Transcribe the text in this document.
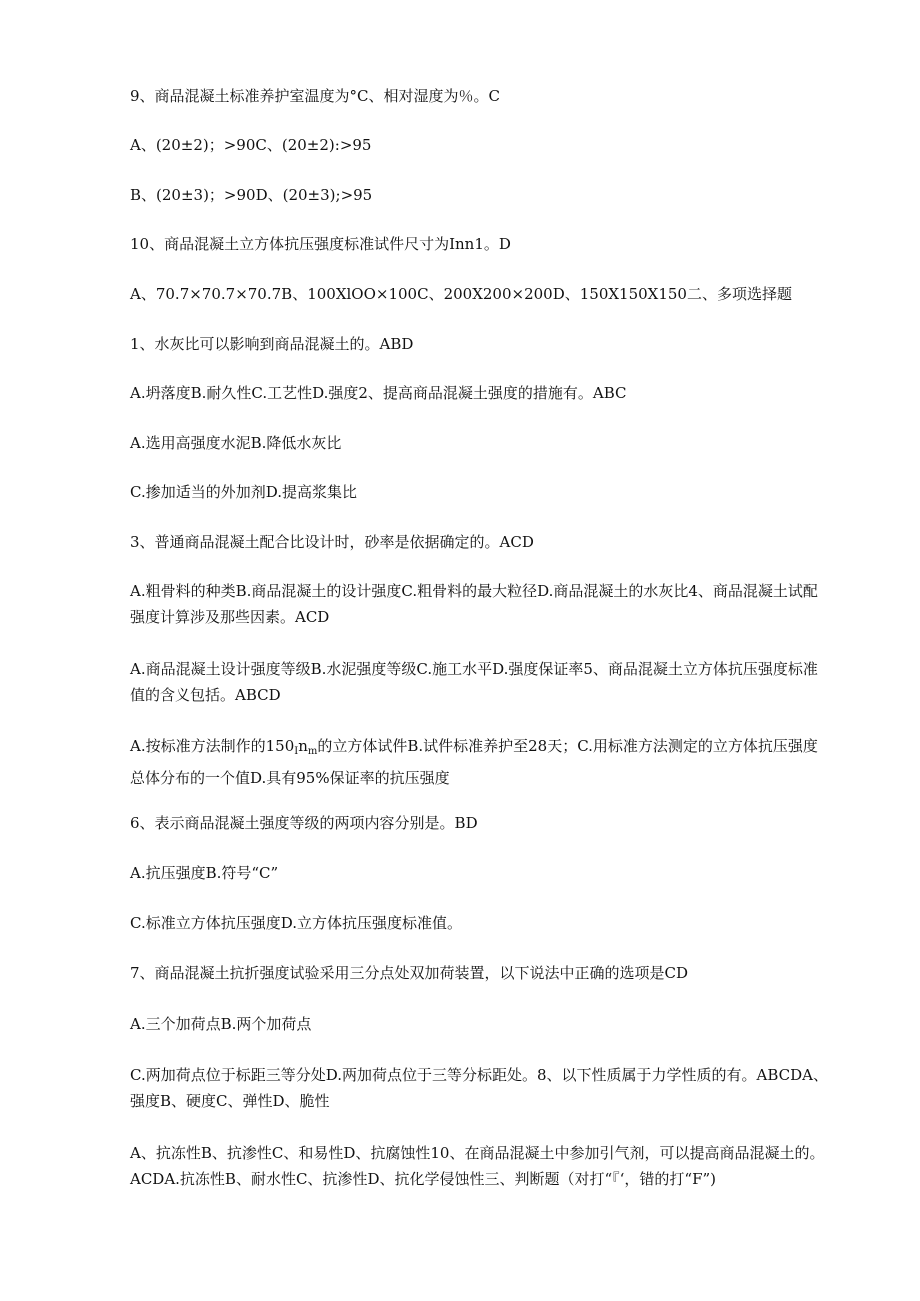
9、商品混凝土标准养护室温度为°C、相对湿度为％。C
A、(20±2)；>90C、(20±2):>95
B、(20±3)；>90D、(20±3);>95
10、商品混凝土立方体抗压强度标准试件尺寸为Inn1。D
A、70.7×70.7×70.7B、100XlOO×100C、200X200×200D、150X150X150二、多项选择题
1、水灰比可以影响到商品混凝土的。ABD
A.坍落度B.耐久性C.工艺性D.强度2、提高商品混凝土强度的措施有。ABC
A.选用高强度水泥B.降低水灰比
C.掺加适当的外加剂D.提高浆集比
3、普通商品混凝土配合比设计时，砂率是依据确定的。ACD
A.粗骨料的种类B.商品混凝土的设计强度C.粗骨料的最大粒径D.商品混凝土的水灰比4、商品混凝土试配强度计算涉及那些因素。ACD
A.商品混凝土设计强度等级B.水泥强度等级C.施工水平D.强度保证率5、商品混凝土立方体抗压强度标准值的含义包括。ABCD
A.按标准方法制作的$150_In_m$的立方体试件B.试件标准养护至28天；C.用标准方法测定的立方体抗压强度总体分布的一个值D.具有95%保证率的抗压强度
6、表示商品混凝土强度等级的两项内容分别是。BD
A.抗压强度B.符号“C”
C.标准立方体抗压强度D.立方体抗压强度标准值。
7、商品混凝土抗折强度试验采用三分点处双加荷装置，以下说法中正确的选项是CD
A.三个加荷点B.两个加荷点
C.两加荷点位于标距三等分处D.两加荷点位于三等分标距处。8、以下性质属于力学性质的有。ABCDA、强度B、硬度C、弹性D、脆性
A、抗冻性B、抗渗性C、和易性D、抗腐蚀性10、在商品混凝土中参加引气剂，可以提高商品混凝土的。ACDA.抗冻性B、耐水性C、抗渗性D、抗化学侵蚀性三、判断题（对打“『‘，错的打“F”)
